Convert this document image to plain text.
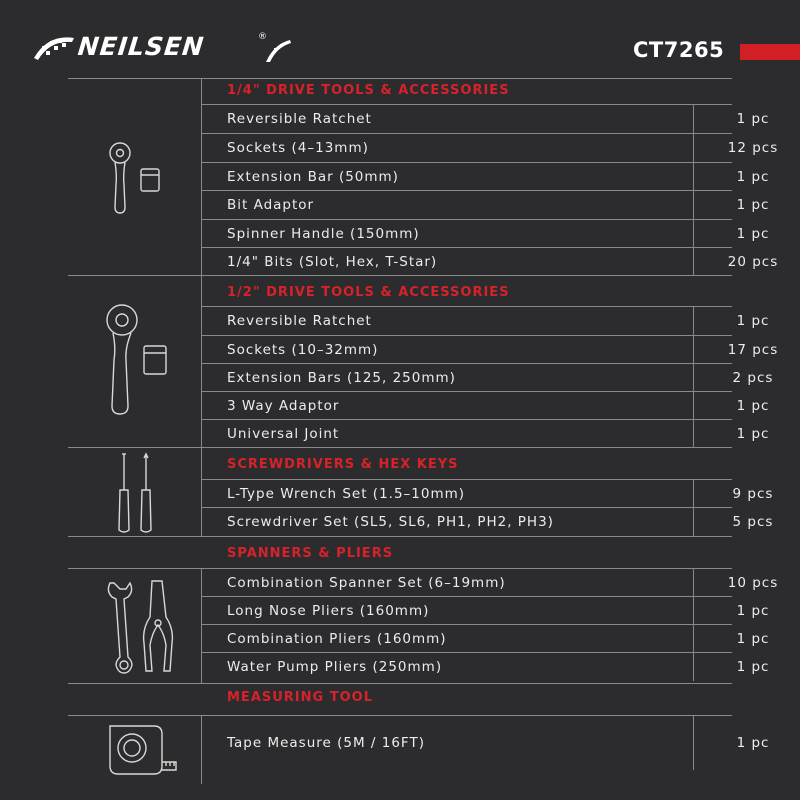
NEILSEN	®
CT7265
1/4" DRIVE TOOLS & ACCESSORIES
Reversible Ratchet	1 pc
Sockets (4–13mm)	12 pcs
Extension Bar (50mm)	1 pc
Bit Adaptor	1 pc
Spinner Handle (150mm)	1 pc
1/4" Bits (Slot, Hex, T-Star)	20 pcs
1/2" DRIVE TOOLS & ACCESSORIES
Reversible Ratchet	1 pc
Sockets (10–32mm)	17 pcs
Extension Bars (125, 250mm)	2 pcs
3 Way Adaptor	1 pc
Universal Joint	1 pc
SCREWDRIVERS & HEX KEYS
L-Type Wrench Set (1.5–10mm)	9 pcs
Screwdriver Set (SL5, SL6, PH1, PH2, PH3)	5 pcs
SPANNERS & PLIERS
Combination Spanner Set (6–19mm)	10 pcs
Long Nose Pliers (160mm)	1 pc
Combination Pliers (160mm)	1 pc
Water Pump Pliers (250mm)	1 pc
MEASURING TOOL
Tape Measure (5M / 16FT)	1 pc
